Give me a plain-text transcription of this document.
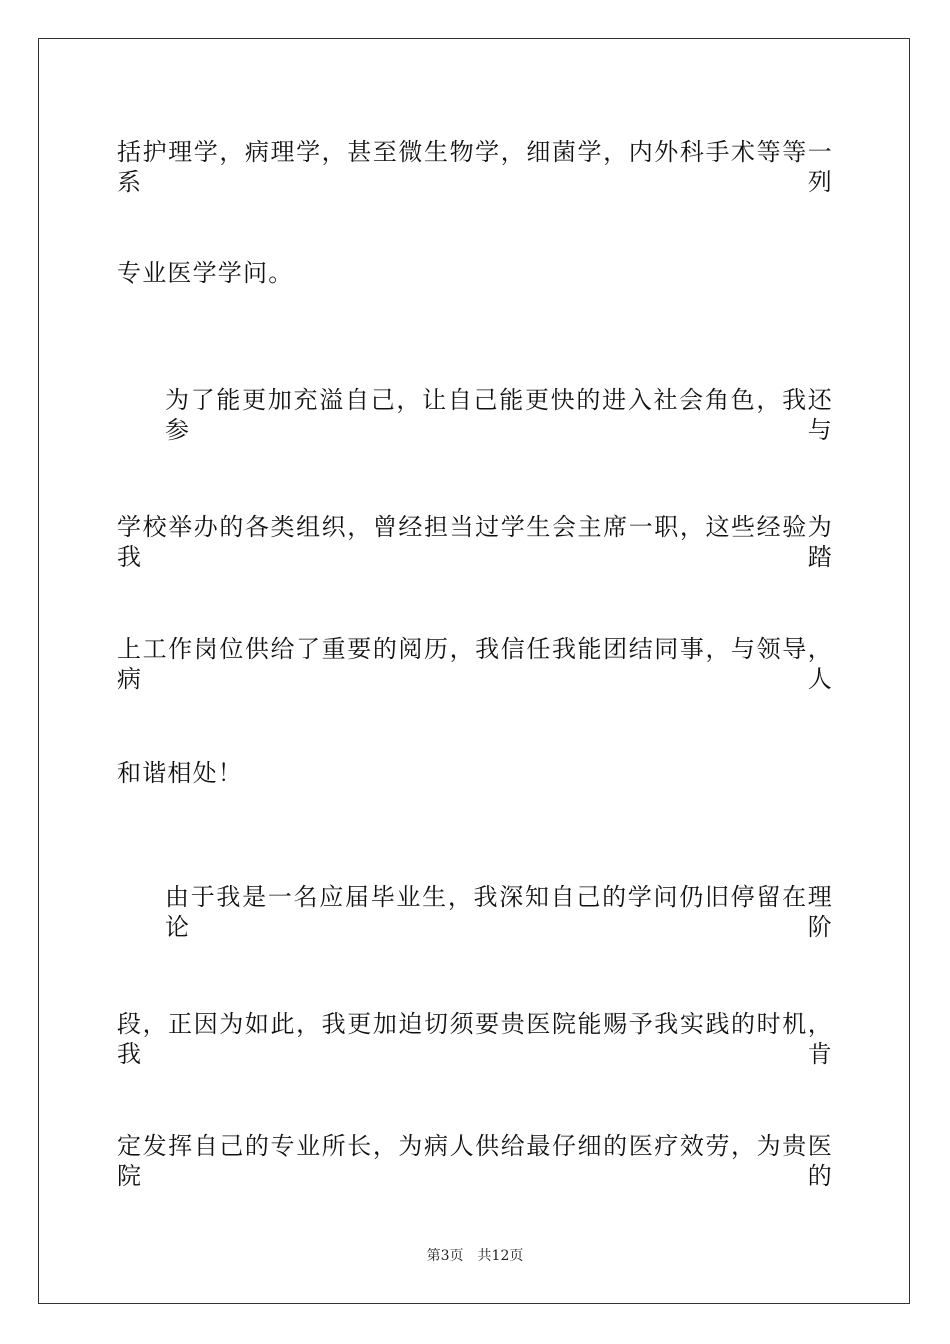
括护理学，病理学，甚至微生物学，细菌学，内外科手术等等一系列
专业医学学问。
为了能更加充溢自己，让自己能更快的进入社会角色，我还参与
学校举办的各类组织，曾经担当过学生会主席一职，这些经验为我踏
上工作岗位供给了重要的阅历，我信任我能团结同事，与领导，病人
和谐相处！
由于我是一名应届毕业生，我深知自己的学问仍旧停留在理论阶
段，正因为如此，我更加迫切须要贵医院能赐予我实践的时机，我肯
定发挥自己的专业所长，为病人供给最仔细的医疗效劳，为贵医院的
第3页　共12页
